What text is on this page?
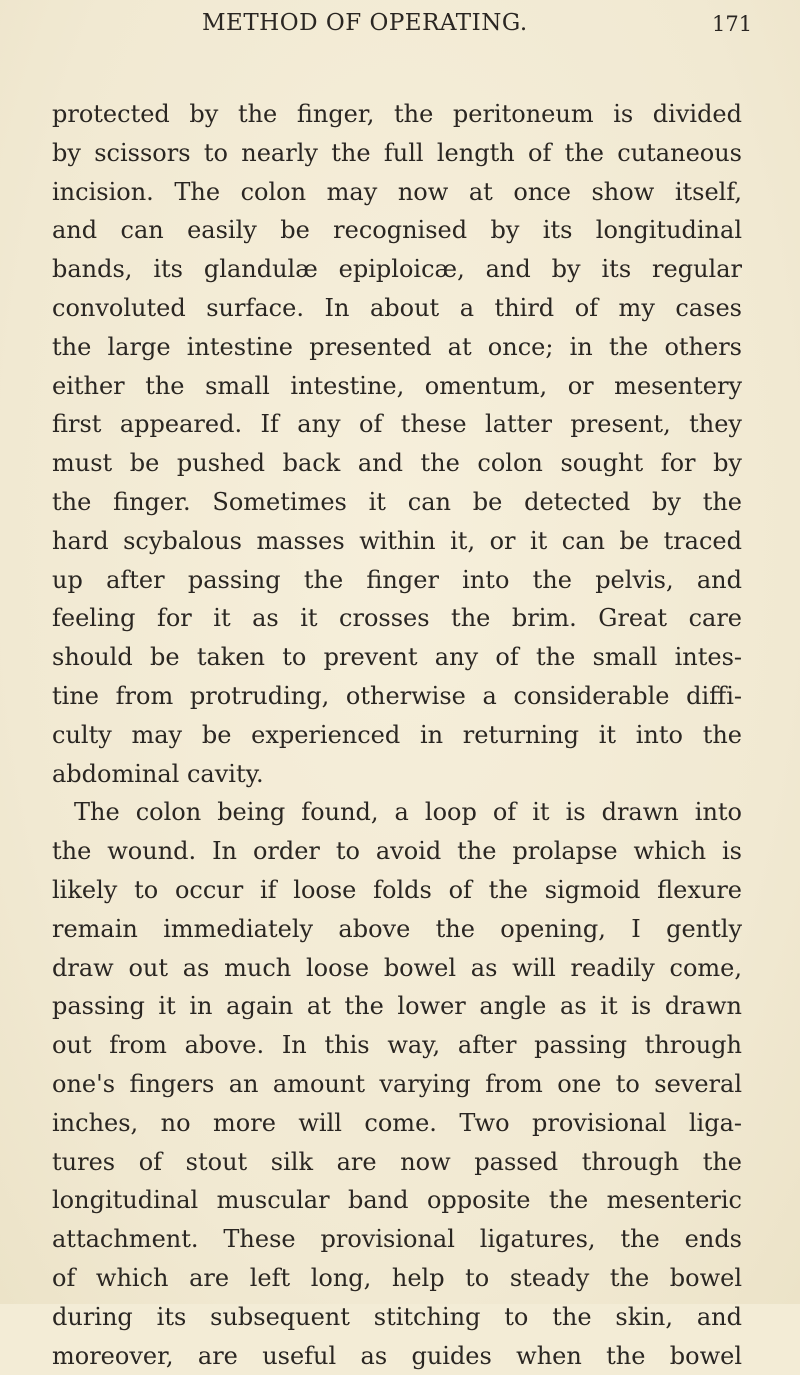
METHOD OF OPERATING.	171
protected by the finger, the peritoneum is divided
by scissors to nearly the full length of the cutaneous
incision. The colon may now at once show itself,
and can easily be recognised by its longitudinal
bands, its glandulæ epiploicæ, and by its regular
convoluted surface. In about a third of my cases
the large intestine presented at once; in the others
either the small intestine, omentum, or mesentery
first appeared. If any of these latter present, they
must be pushed back and the colon sought for by
the finger. Sometimes it can be detected by the
hard scybalous masses within it, or it can be traced
up after passing the finger into the pelvis, and
feeling for it as it crosses the brim. Great care
should be taken to prevent any of the small intes-
tine from protruding, otherwise a considerable diffi-
culty may be experienced in returning it into the
abdominal cavity.
The colon being found, a loop of it is drawn into
the wound. In order to avoid the prolapse which is
likely to occur if loose folds of the sigmoid flexure
remain immediately above the opening, I gently
draw out as much loose bowel as will readily come,
passing it in again at the lower angle as it is drawn
out from above. In this way, after passing through
one's fingers an amount varying from one to several
inches, no more will come. Two provisional liga-
tures of stout silk are now passed through the
longitudinal muscular band opposite the mesenteric
attachment. These provisional ligatures, the ends
of which are left long, help to steady the bowel
during its subsequent stitching to the skin, and
moreover, are useful as guides when the bowel
